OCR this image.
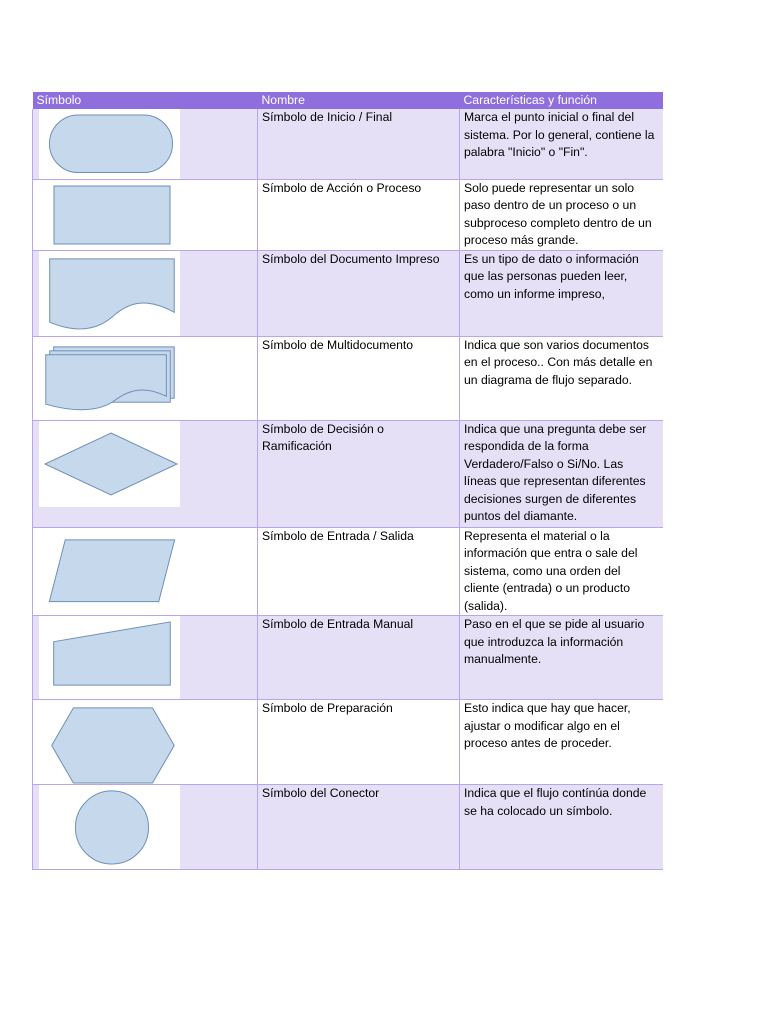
Símbolo	Nombre	Características y función

	Símbolo de Inicio / Final	Marca el punto inicial o final del sistema. Por lo general, contiene la palabra "Inicio" o "Fin".

	Símbolo de Acción o Proceso	Solo puede representar un solo paso dentro de un proceso o un subproceso completo dentro de un proceso más grande.

	Símbolo del Documento Impreso	Es un tipo de dato o información que las personas pueden leer, como un informe impreso,

	Símbolo de Multidocumento	Indica que son varios documentos en el proceso.. Con más detalle en un diagrama de flujo separado.

	Símbolo de Decisión o Ramificación	Indica que una pregunta debe ser respondida de la forma Verdadero/Falso o Si/No. Las líneas que representan diferentes decisiones surgen de diferentes puntos del diamante.

	Símbolo de Entrada / Salida	Representa el material o la información que entra o sale del sistema, como una orden del cliente (entrada) o un producto (salida).

	Símbolo de Entrada Manual	Paso en el que se pide al usuario que introduzca la información manualmente.

	Símbolo de Preparación	Esto indica que hay que hacer, ajustar o modificar algo en el proceso antes de proceder.

	Símbolo del Conector	Indica que el flujo contínúa donde se ha colocado un símbolo.
